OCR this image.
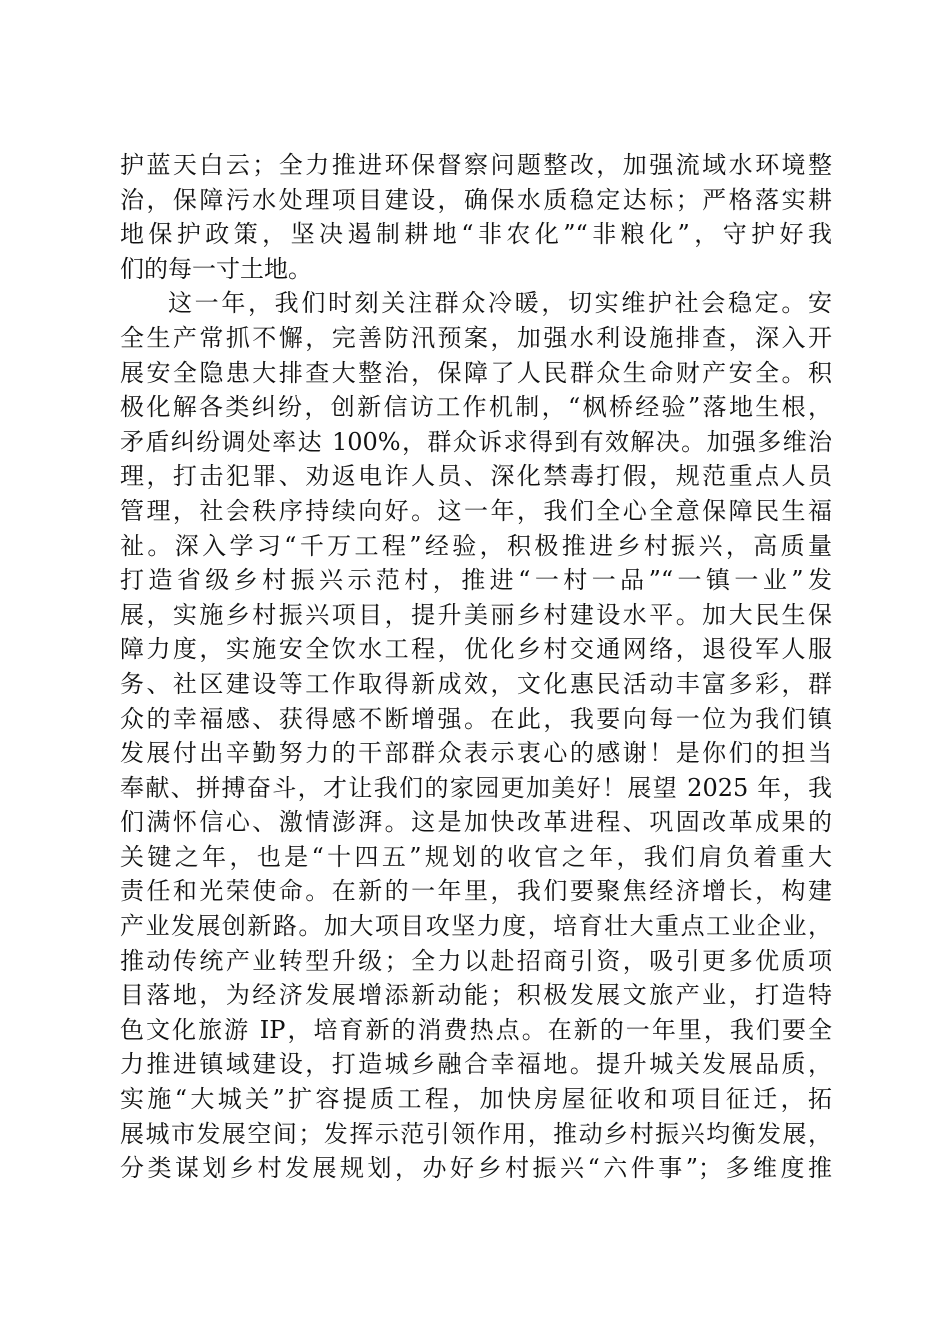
护蓝天白云；全力推进环保督察问题整改，加强流域水环境整
治，保障污水处理项目建设，确保水质稳定达标；严格落实耕
地保护政策，坚决遏制耕地“非农化”“非粮化”，守护好我
们的每一寸土地。
这一年，我们时刻关注群众冷暖，切实维护社会稳定。安
全生产常抓不懈，完善防汛预案，加强水利设施排查，深入开
展安全隐患大排查大整治，保障了人民群众生命财产安全。积
极化解各类纠纷，创新信访工作机制，“枫桥经验”落地生根，
矛盾纠纷调处率达 100%，群众诉求得到有效解决。加强多维治
理，打击犯罪、劝返电诈人员、深化禁毒打假，规范重点人员
管理，社会秩序持续向好。这一年，我们全心全意保障民生福
祉。深入学习“千万工程”经验，积极推进乡村振兴，高质量
打造省级乡村振兴示范村，推进“一村一品”“一镇一业”发
展，实施乡村振兴项目，提升美丽乡村建设水平。加大民生保
障力度，实施安全饮水工程，优化乡村交通网络，退役军人服
务、社区建设等工作取得新成效，文化惠民活动丰富多彩，群
众的幸福感、获得感不断增强。在此，我要向每一位为我们镇
发展付出辛勤努力的干部群众表示衷心的感谢！是你们的担当
奉献、拼搏奋斗，才让我们的家园更加美好！展望 2025 年，我
们满怀信心、激情澎湃。这是加快改革进程、巩固改革成果的
关键之年，也是“十四五”规划的收官之年，我们肩负着重大
责任和光荣使命。在新的一年里，我们要聚焦经济增长，构建
产业发展创新路。加大项目攻坚力度，培育壮大重点工业企业，
推动传统产业转型升级；全力以赴招商引资，吸引更多优质项
目落地，为经济发展增添新动能；积极发展文旅产业，打造特
色文化旅游 IP，培育新的消费热点。在新的一年里，我们要全
力推进镇域建设，打造城乡融合幸福地。提升城关发展品质，
实施“大城关”扩容提质工程，加快房屋征收和项目征迁，拓
展城市发展空间；发挥示范引领作用，推动乡村振兴均衡发展，
分类谋划乡村发展规划，办好乡村振兴“六件事”；多维度推
